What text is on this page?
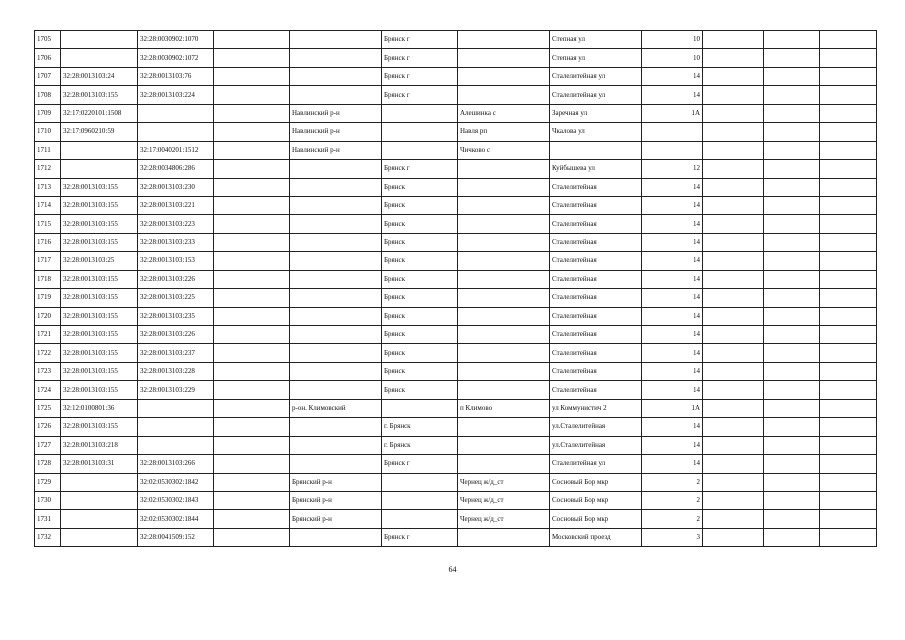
1705		32:28:0030902:1070			Брянск г		Степная ул	10			
1706		32:28:0030902:1072			Брянск г		Степная ул	10			
1707	32:28:0013103:24	32:28:0013103:76			Брянск г		Сталелитейная ул	14			
1708	32:28:0013103:155	32:28:0013103:224			Брянск г		Сталелитейная ул	14			
1709	32:17:0220101:1508			Навлинский р-н		Алешинка с	Заречная ул	1А			
1710	32:17:0960210:59			Навлинский р-н		Навля рп	Чкалова ул				
1711		32:17:0040201:1512		Навлинский р-н		Чичково с					
1712		32:28:0034806:286			Брянск г		Куйбышева ул	12			
1713	32:28:0013103:155	32:28:0013103:230			Брянск		Сталелитейная	14			
1714	32:28:0013103:155	32:28:0013103:221			Брянск		Сталелитейная	14			
1715	32:28:0013103:155	32:28:0013103:223			Брянск		Сталелитейная	14			
1716	32:28:0013103:155	32:28:0013103:233			Брянск		Сталелитейная	14			
1717	32:28:0013103:25	32:28:0013103:153			Брянск		Сталелитейная	14			
1718	32:28:0013103:155	32:28:0013103:226			Брянск		Сталелитейная	14			
1719	32:28:0013103:155	32:28:0013103:225			Брянск		Сталелитейная	14			
1720	32:28:0013103:155	32:28:0013103:235			Брянск		Сталелитейная	14			
1721	32:28:0013103:155	32:28:0013103:226			Брянск		Сталелитейная	14			
1722	32:28:0013103:155	32:28:0013103:237			Брянск		Сталелитейная	14			
1723	32:28:0013103:155	32:28:0013103:228			Брянск		Сталелитейная	14			
1724	32:28:0013103:155	32:28:0013103:229			Брянск		Сталелитейная	14			
1725	32:12:0100801:36			р-он. Климовский		п Климово	ул Коммунистич 2	1А			
1726	32:28:0013103:155				г. Брянск		ул.Сталелитейная	14			
1727	32:28:0013103:218				г. Брянск		ул.Сталелитейная	14			
1728	32:28:0013103:31	32:28:0013103:266			Брянск г		Сталелитейная ул	14			
1729		32:02:0530302:1842		Брянский р-н		Чернец ж/д_ст	Сосновый Бор мкр	2			
1730		32:02:0530302:1843		Брянский р-н		Чернец ж/д_ст	Сосновый Бор мкр	2			
1731		32:02:0530302:1844		Брянский р-н		Чернец ж/д_ст	Сосновый Бор мкр	2			
1732		32:28:0041509:152			Брянск г		Московский проезд	3			
64
